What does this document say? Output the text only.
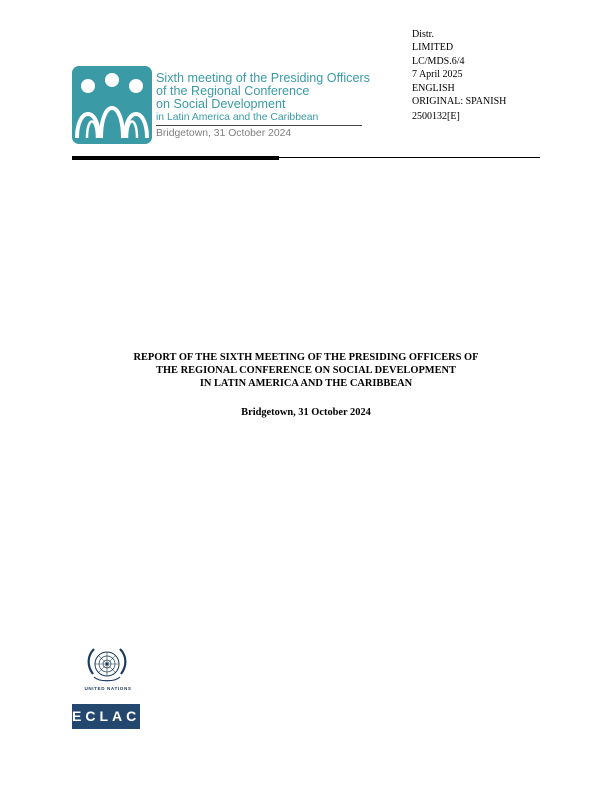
Sixth meeting of the Presiding Officers
of the Regional Conference
on Social Development
in Latin America and the Caribbean
Bridgetown, 31 October 2024
Distr.
LIMITED
LC/MDS.6/4
7 April 2025
ENGLISH
ORIGINAL: SPANISH
2500132[E]
REPORT OF THE SIXTH MEETING OF THE PRESIDING OFFICERS OF
THE REGIONAL CONFERENCE ON SOCIAL DEVELOPMENT
IN LATIN AMERICA AND THE CARIBBEAN
Bridgetown, 31 October 2024
UNITED NATIONS
ECLAC
